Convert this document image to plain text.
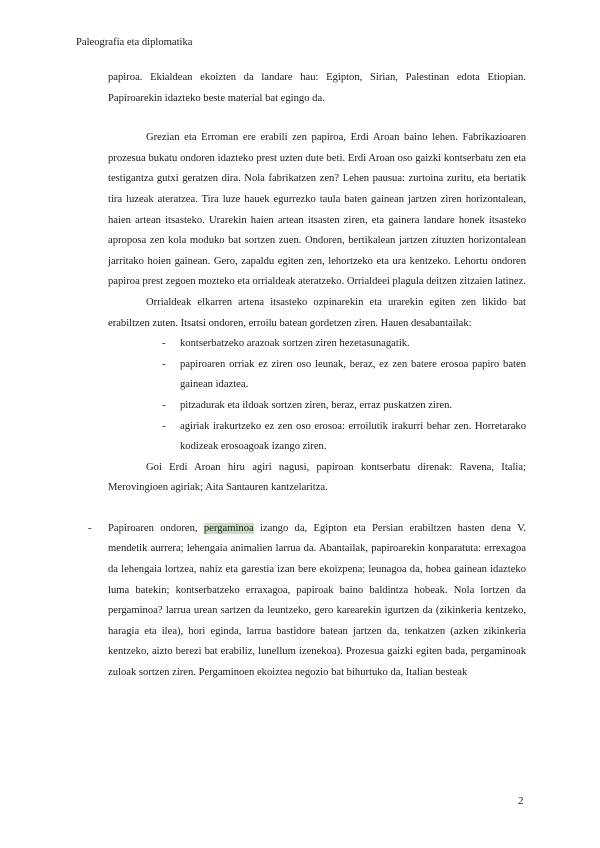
Paleografía eta diplomatika

papiroa. Ekialdean ekoizten da landare hau: Egipton, Sirian, Palestinan edota Etiopian. Papiroarekin idazteko beste material bat egingo da.

Grezian eta Erroman ere erabili zen papiroa, Erdi Aroan baino lehen. Fabrikazioaren prozesua bukatu ondoren idazteko prest uzten dute beti. Erdi Aroan oso gaizki kontserbatu zen eta testigantza gutxi geratzen dira. Nola fabrikatzen zen? Lehen pausua: zurtoina zuritu, eta bertatik tira luzeak ateratzea. Tira luze hauek egurrezko taula baten gainean jartzen ziren horizontalean, haien artean itsasteko. Urarekin haien artean itsasten ziren, eta gainera landare honek itsasteko aproposa zen kola moduko bat sortzen zuen. Ondoren, bertikalean jartzen zituzten horizontalean jarritako hoien gainean. Gero, zapaldu egiten zen, lehortzeko eta ura kentzeko. Lehortu ondoren papiroa prest zegoen mozteko eta orrialdeak ateratzeko. Orrialdeei plagula deitzen zitzaien latinez.

Orrialdeak elkarren artena itsasteko ozpinarekin eta urarekin egiten zen likido bat erabiltzen zuten. Itsatsi ondoren, erroilu batean gordetzen ziren. Hauen desabantailak:

- kontserbatzeko arazoak sortzen ziren hezetasunagatik.
- papiroaren orriak ez ziren oso leunak, beraz, ez zen batere erosoa papiro baten gainean idaztea.
- pitzadurak eta ildoak sortzen ziren, beraz, erraz puskatzen ziren.
- agiriak irakurtzeko ez zen oso erosoa: erroilutik irakurri behar zen. Horretarako kodizeak erosoagoak izango ziren.

Goi Erdi Aroan hiru agiri nagusi, papiroan kontserbatu direnak: Ravena, Italia; Merovingioen agiriak; Aita Santauren kantzelaritza.

- Papiroaren ondoren, pergaminoa izango da, Egipton eta Persian erabiltzen hasten dena V. mendetik aurrera; lehengaia animalien larrua da. Abantailak, papiroarekin konparatuta: errexagoa da lehengaia lortzea, nahiz eta garestia izan bere ekoizpena; leunagoa da, hobea gainean idazteko luma batekin; kontserbatzeko erraxagoa, papiroak baino baldintza hobeak. Nola lortzen da pergaminoa? larrua urean sartzen da leuntzeko, gero karearekin igurtzen da (zikinkeria kentzeko, haragia eta ilea), hori eginda, larrua bastidore batean jartzen da, tenkatzen (azken zikinkeria kentzeko, aizto berezi bat erabiliz, lunellum izenekoa). Prozesua gaizki egiten bada, pergaminoak zuloak sortzen ziren. Pergaminoen ekoiztea negozio bat bihurtuko da, Italian besteak

2
